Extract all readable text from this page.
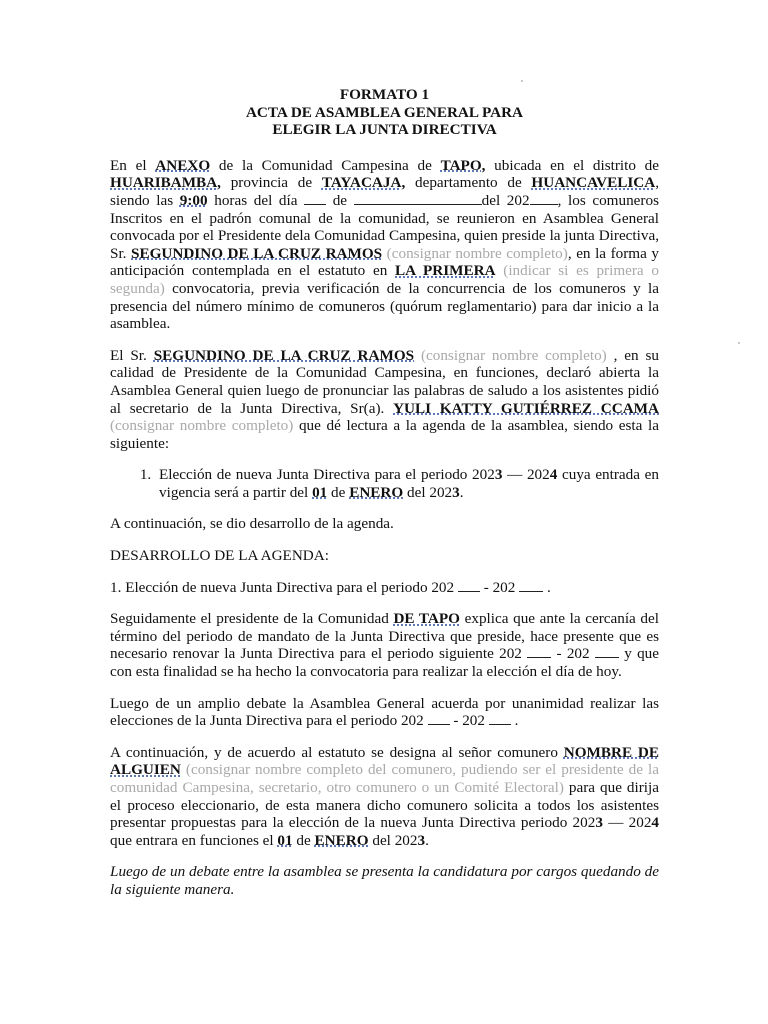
FORMATO 1
ACTA DE ASAMBLEA GENERAL PARA
ELEGIR LA JUNTA DIRECTIVA

En el ANEXO de la Comunidad Campesina de TAPO, ubicada en el distrito de HUARIBAMBA, provincia de TAYACAJA, departamento de HUANCAVELICA, siendo las 9:00 horas del día  de	del 202 , los comuneros Inscritos en el padrón comunal de la comunidad, se reunieron en Asamblea General convocada por el Presidente dela Comunidad Campesina, quien preside la junta Directiva, Sr. SEGUNDINO DE LA CRUZ RAMOS (consignar nombre completo), en la forma y anticipación contemplada en el estatuto en LA PRIMERA (indicar si es primera o segunda) convocatoria, previa verificación de la concurrencia de los comuneros y la presencia del número mínimo de comuneros (quórum reglamentario) para dar inicio a la asamblea.

El Sr. SEGUNDINO DE LA CRUZ RAMOS (consignar nombre completo) , en su calidad de Presidente de la Comunidad Campesina, en funciones, declaró abierta la Asamblea General quien luego de pronunciar las palabras de saludo a los asistentes pidió al secretario de la Junta Directiva, Sr(a). YULI KATTY GUTIÉRREZ CCAMA (consignar nombre completo) que dé lectura a la agenda de la asamblea, siendo esta la siguiente:

1. Elección de nueva Junta Directiva para el periodo 2023 — 2024 cuya entrada en vigencia será a partir del 01 de ENERO del 2023.

A continuación, se dio desarrollo de la agenda.

DESARROLLO DE LA AGENDA:

1. Elección de nueva Junta Directiva para el periodo 202  - 202  .

Seguidamente el presidente de la Comunidad DE TAPO explica que ante la cercanía del término del periodo de mandato de la Junta Directiva que preside, hace presente que es necesario renovar la Junta Directiva para el periodo siguiente 202  - 202  y que con esta finalidad se ha hecho la convocatoria para realizar la elección el día de hoy.

Luego de un amplio debate la Asamblea General acuerda por unanimidad realizar las elecciones de la Junta Directiva para el periodo 202  - 202  .

A continuación, y de acuerdo al estatuto se designa al señor comunero NOMBRE DE ALGUIEN (consignar nombre completo del comunero, pudiendo ser el presidente de la comunidad Campesina, secretario, otro comunero o un Comité Electoral) para que dirija el proceso eleccionario, de esta manera dicho comunero solicita a todos los asistentes presentar propuestas para la elección de la nueva Junta Directiva periodo 2023 — 2024 que entrara en funciones el 01 de ENERO del 2023.

Luego de un debate entre la asamblea se presenta la candidatura por cargos quedando de la siguiente manera.
